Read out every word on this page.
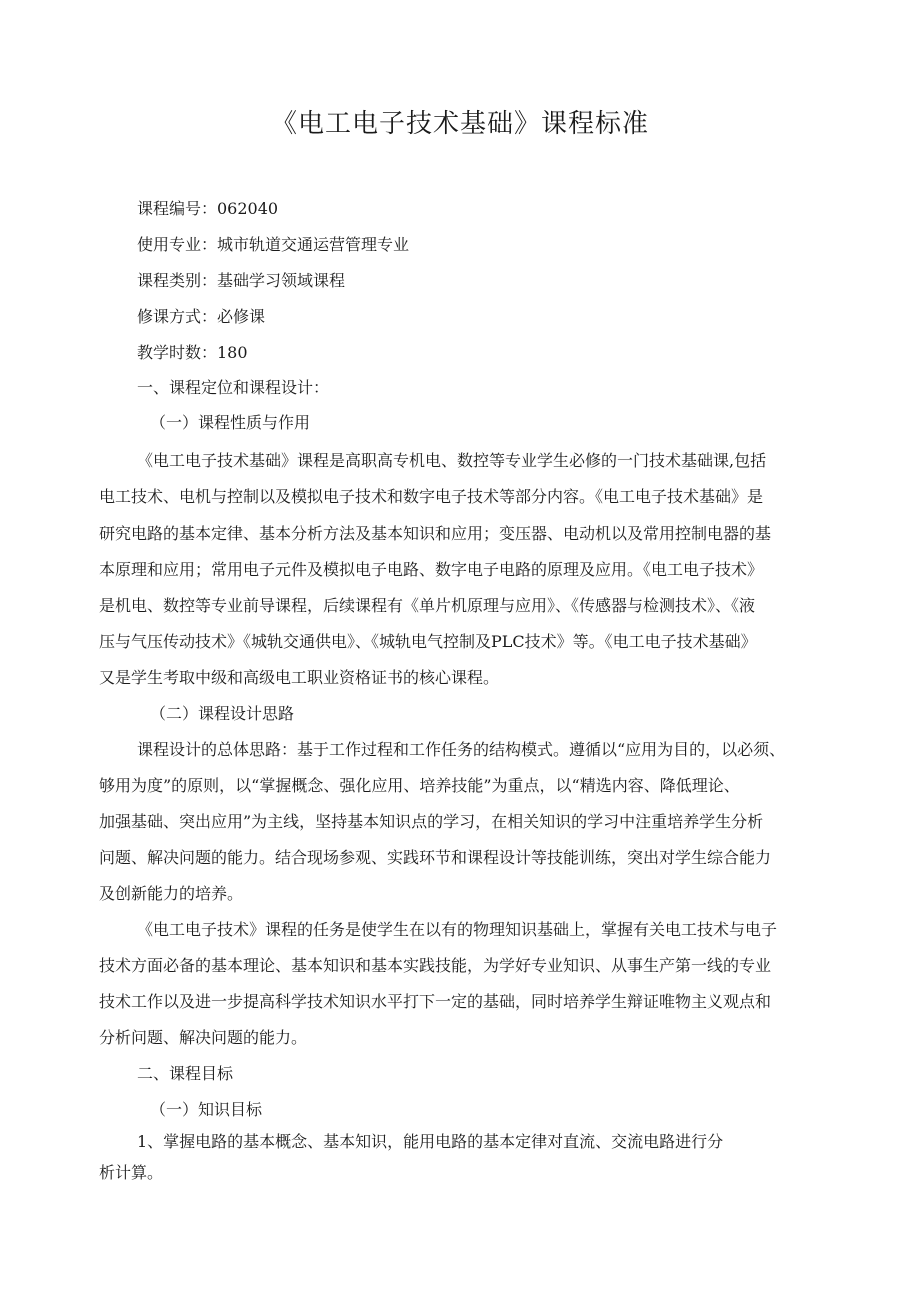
《电工电子技术基础》课程标准
课程编号：062040
使用专业：城市轨道交通运营管理专业
课程类别：基础学习领域课程
修课方式：必修课
教学时数：180
一、课程定位和课程设计：
（一）课程性质与作用
《电工电子技术基础》课程是高职高专机电、数控等专业学生必修的一门技术基础课,包括
电工技术、电机与控制以及模拟电子技术和数字电子技术等部分内容。《电工电子技术基础》是
研究电路的基本定律、基本分析方法及基本知识和应用；变压器、电动机以及常用控制电器的基
本原理和应用；常用电子元件及模拟电子电路、数字电子电路的原理及应用。《电工电子技术》
是机电、数控等专业前导课程，后续课程有《单片机原理与应用》、《传感器与检测技术》、《液
压与气压传动技术》《城轨交通供电》、《城轨电气控制及PLC技术》等。《电工电子技术基础》
又是学生考取中级和高级电工职业资格证书的核心课程。
（二）课程设计思路
课程设计的总体思路：基于工作过程和工作任务的结构模式。遵循以“应用为目的，以必须、
够用为度”的原则，以“掌握概念、强化应用、培养技能”为重点，以“精选内容、降低理论、
加强基础、突出应用”为主线，坚持基本知识点的学习，在相关知识的学习中注重培养学生分析
问题、解决问题的能力。结合现场参观、实践环节和课程设计等技能训练，突出对学生综合能力
及创新能力的培养。
《电工电子技术》课程的任务是使学生在以有的物理知识基础上，掌握有关电工技术与电子
技术方面必备的基本理论、基本知识和基本实践技能，为学好专业知识、从事生产第一线的专业
技术工作以及进一步提高科学技术知识水平打下一定的基础，同时培养学生辩证唯物主义观点和
分析问题、解决问题的能力。
二、课程目标
（一）知识目标
1、掌握电路的基本概念、基本知识，能用电路的基本定律对直流、交流电路进行分
析计算。
